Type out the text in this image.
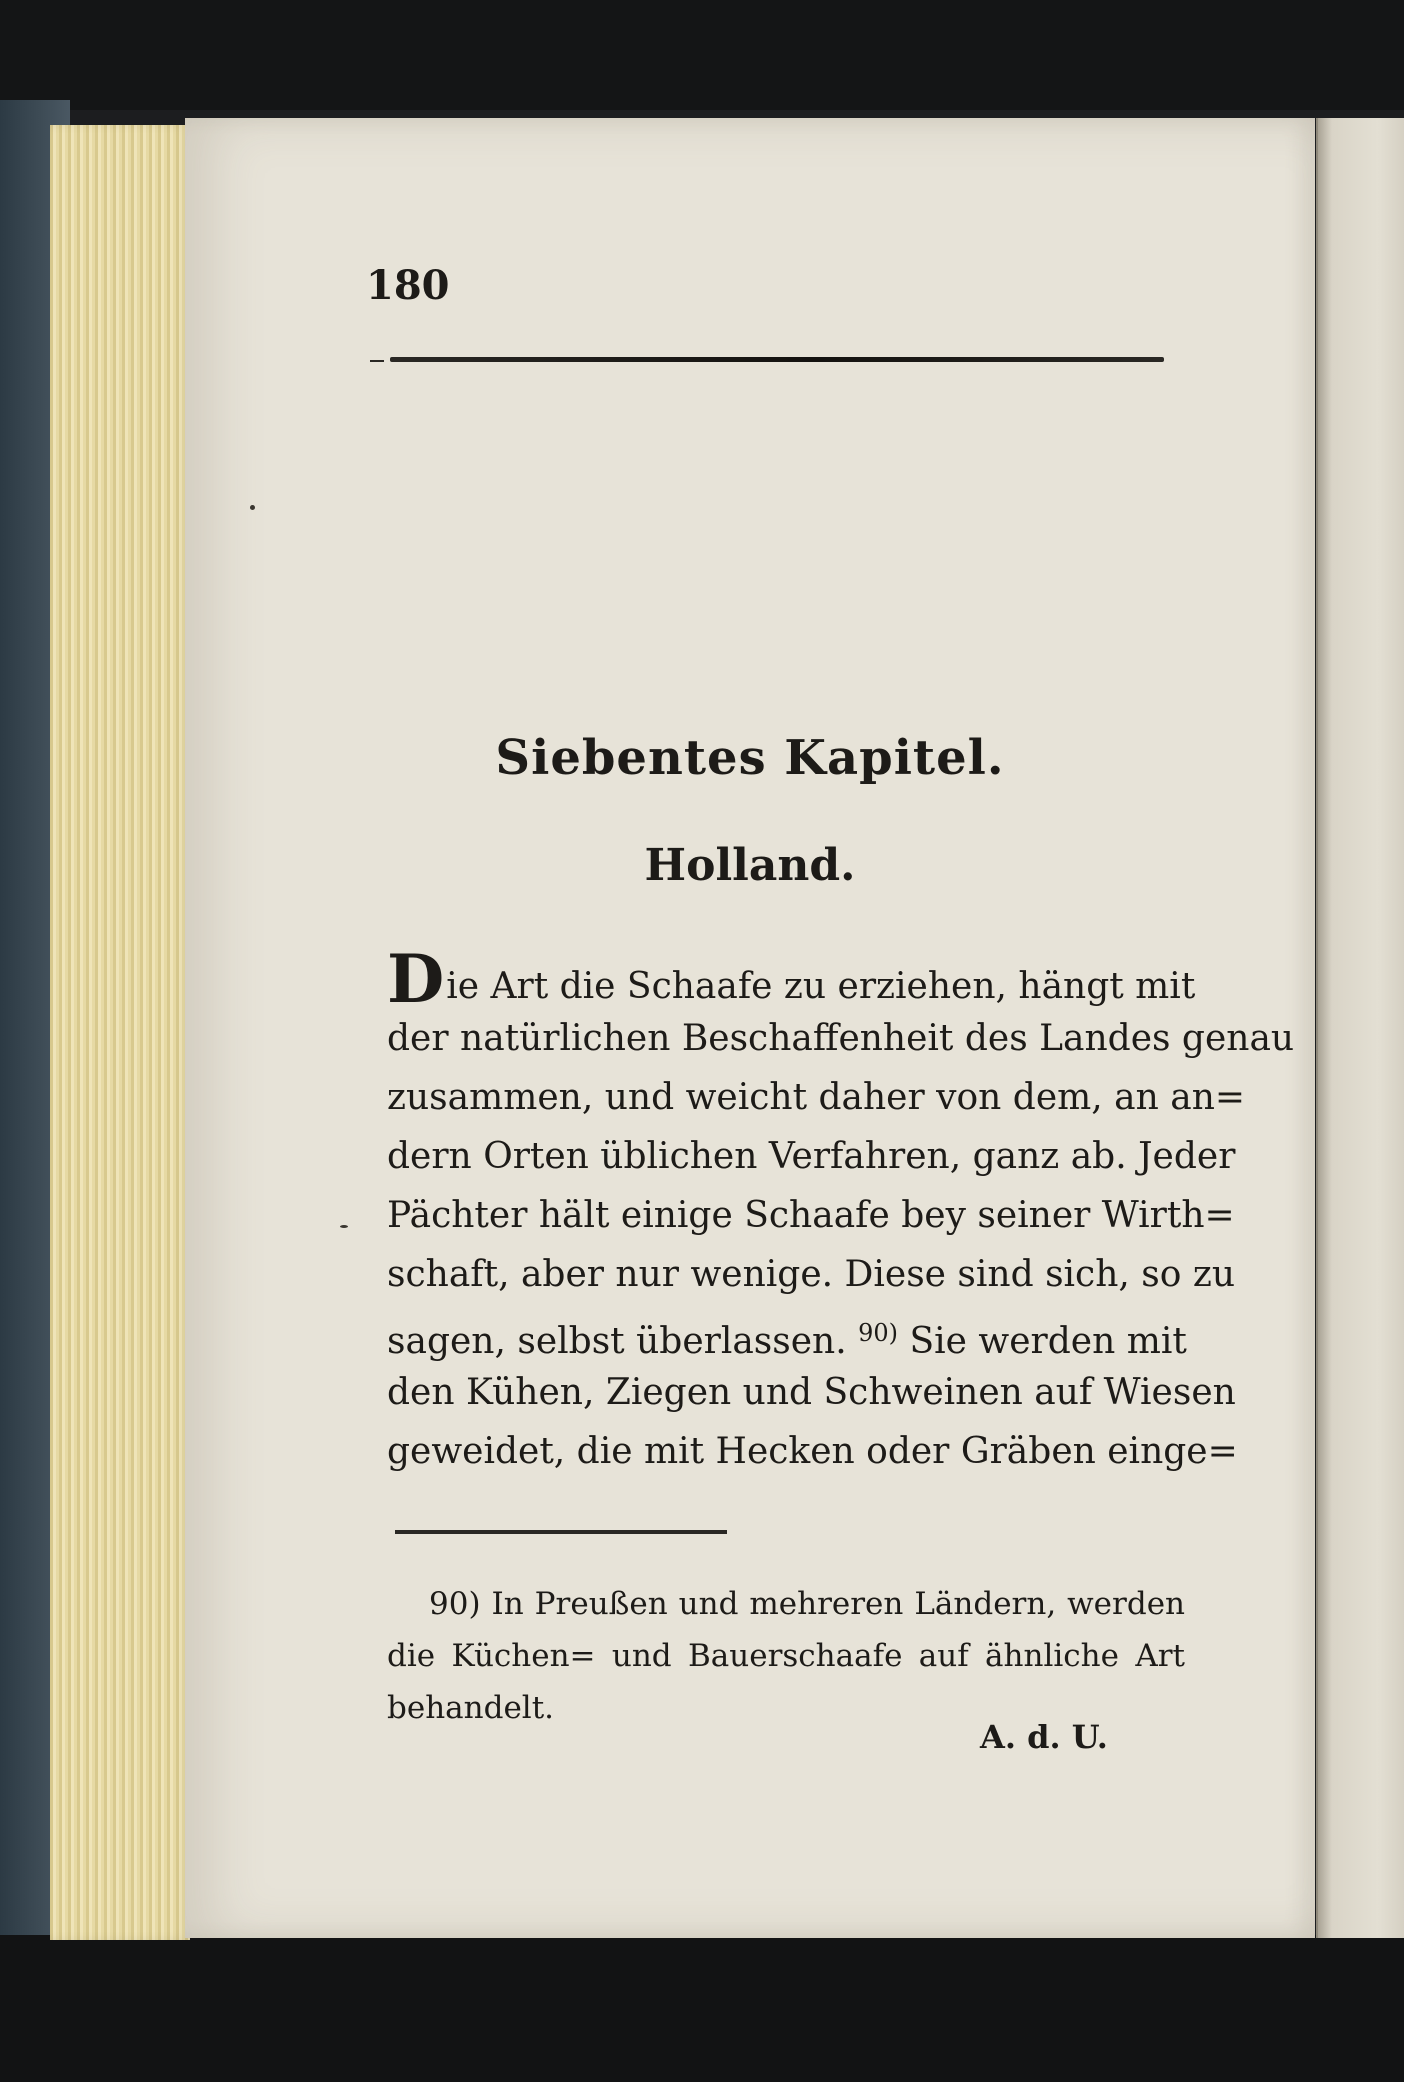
180
Siebentes Kapitel.
Holland.
Die Art die Schaafe zu erziehen, hängt mit
der natürlichen Beschaffenheit des Landes genau
zusammen, und weicht daher von dem, an an=
dern Orten üblichen Verfahren, ganz ab. Jeder
Pächter hält einige Schaafe bey seiner Wirth=
schaft, aber nur wenige. Diese sind sich, so zu
sagen, selbst überlassen. $^{90)}$ Sie werden mit
den Kühen, Ziegen und Schweinen auf Wiesen
geweidet, die mit Hecken oder Gräben einge=
90) In Preußen und mehreren Ländern, werden
die Küchen= und Bauerschaafe auf ähnliche Art
behandelt.
A. d. U.
